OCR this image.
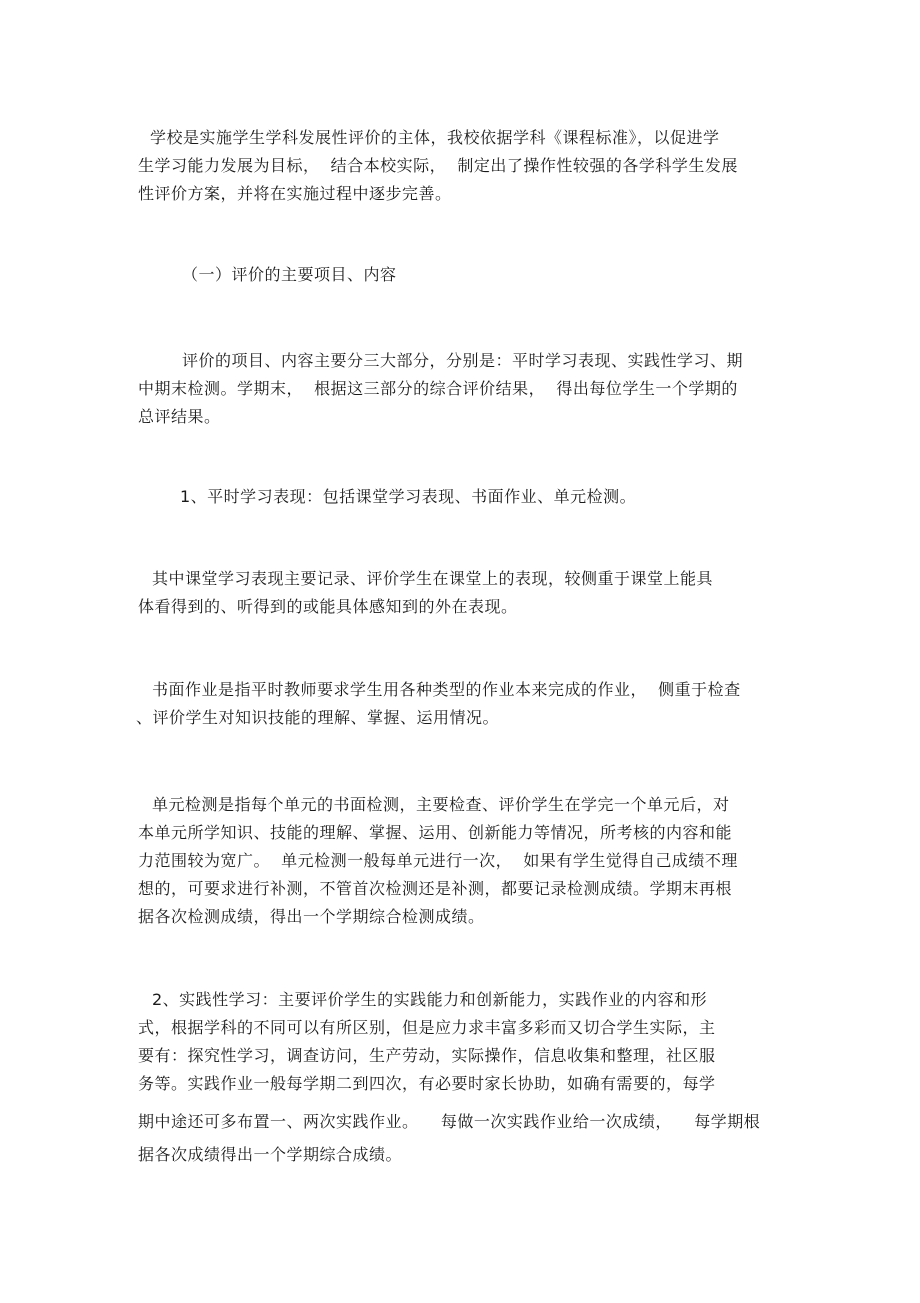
学校是实施学生学科发展性评价的主体，我校依据学科《课程标准》，以促进学
生学习能力发展为目标，  结合本校实际，  制定出了操作性较强的各学科学生发展
性评价方案，并将在实施过程中逐步完善。
（一）评价的主要项目、内容
评价的项目、内容主要分三大部分，分别是：平时学习表现、实践性学习、期
中期末检测。学期末，  根据这三部分的综合评价结果，  得出每位学生一个学期的
总评结果。
1、平时学习表现：包括课堂学习表现、书面作业、单元检测。
其中课堂学习表现主要记录、评价学生在课堂上的表现，较侧重于课堂上能具
体看得到的、听得到的或能具体感知到的外在表现。
书面作业是指平时教师要求学生用各种类型的作业本来完成的作业，  侧重于检查
、评价学生对知识技能的理解、掌握、运用情况。
单元检测是指每个单元的书面检测，主要检查、评价学生在学完一个单元后，对
本单元所学知识、技能的理解、掌握、运用、创新能力等情况，所考核的内容和能
力范围较为宽广。  单元检测一般每单元进行一次，  如果有学生觉得自己成绩不理
想的，可要求进行补测，不管首次检测还是补测，都要记录检测成绩。学期末再根
据各次检测成绩，得出一个学期综合检测成绩。
2、实践性学习：主要评价学生的实践能力和创新能力，实践作业的内容和形
式，根据学科的不同可以有所区别，但是应力求丰富多彩而又切合学生实际，主
要有：探究性学习，调查访问，生产劳动，实际操作，信息收集和整理，社区服
务等。实践作业一般每学期二到四次，有必要时家长协助，如确有需要的，每学
期中途还可多布置一、两次实践作业。    每做一次实践作业给一次成绩，    每学期根
据各次成绩得出一个学期综合成绩。
